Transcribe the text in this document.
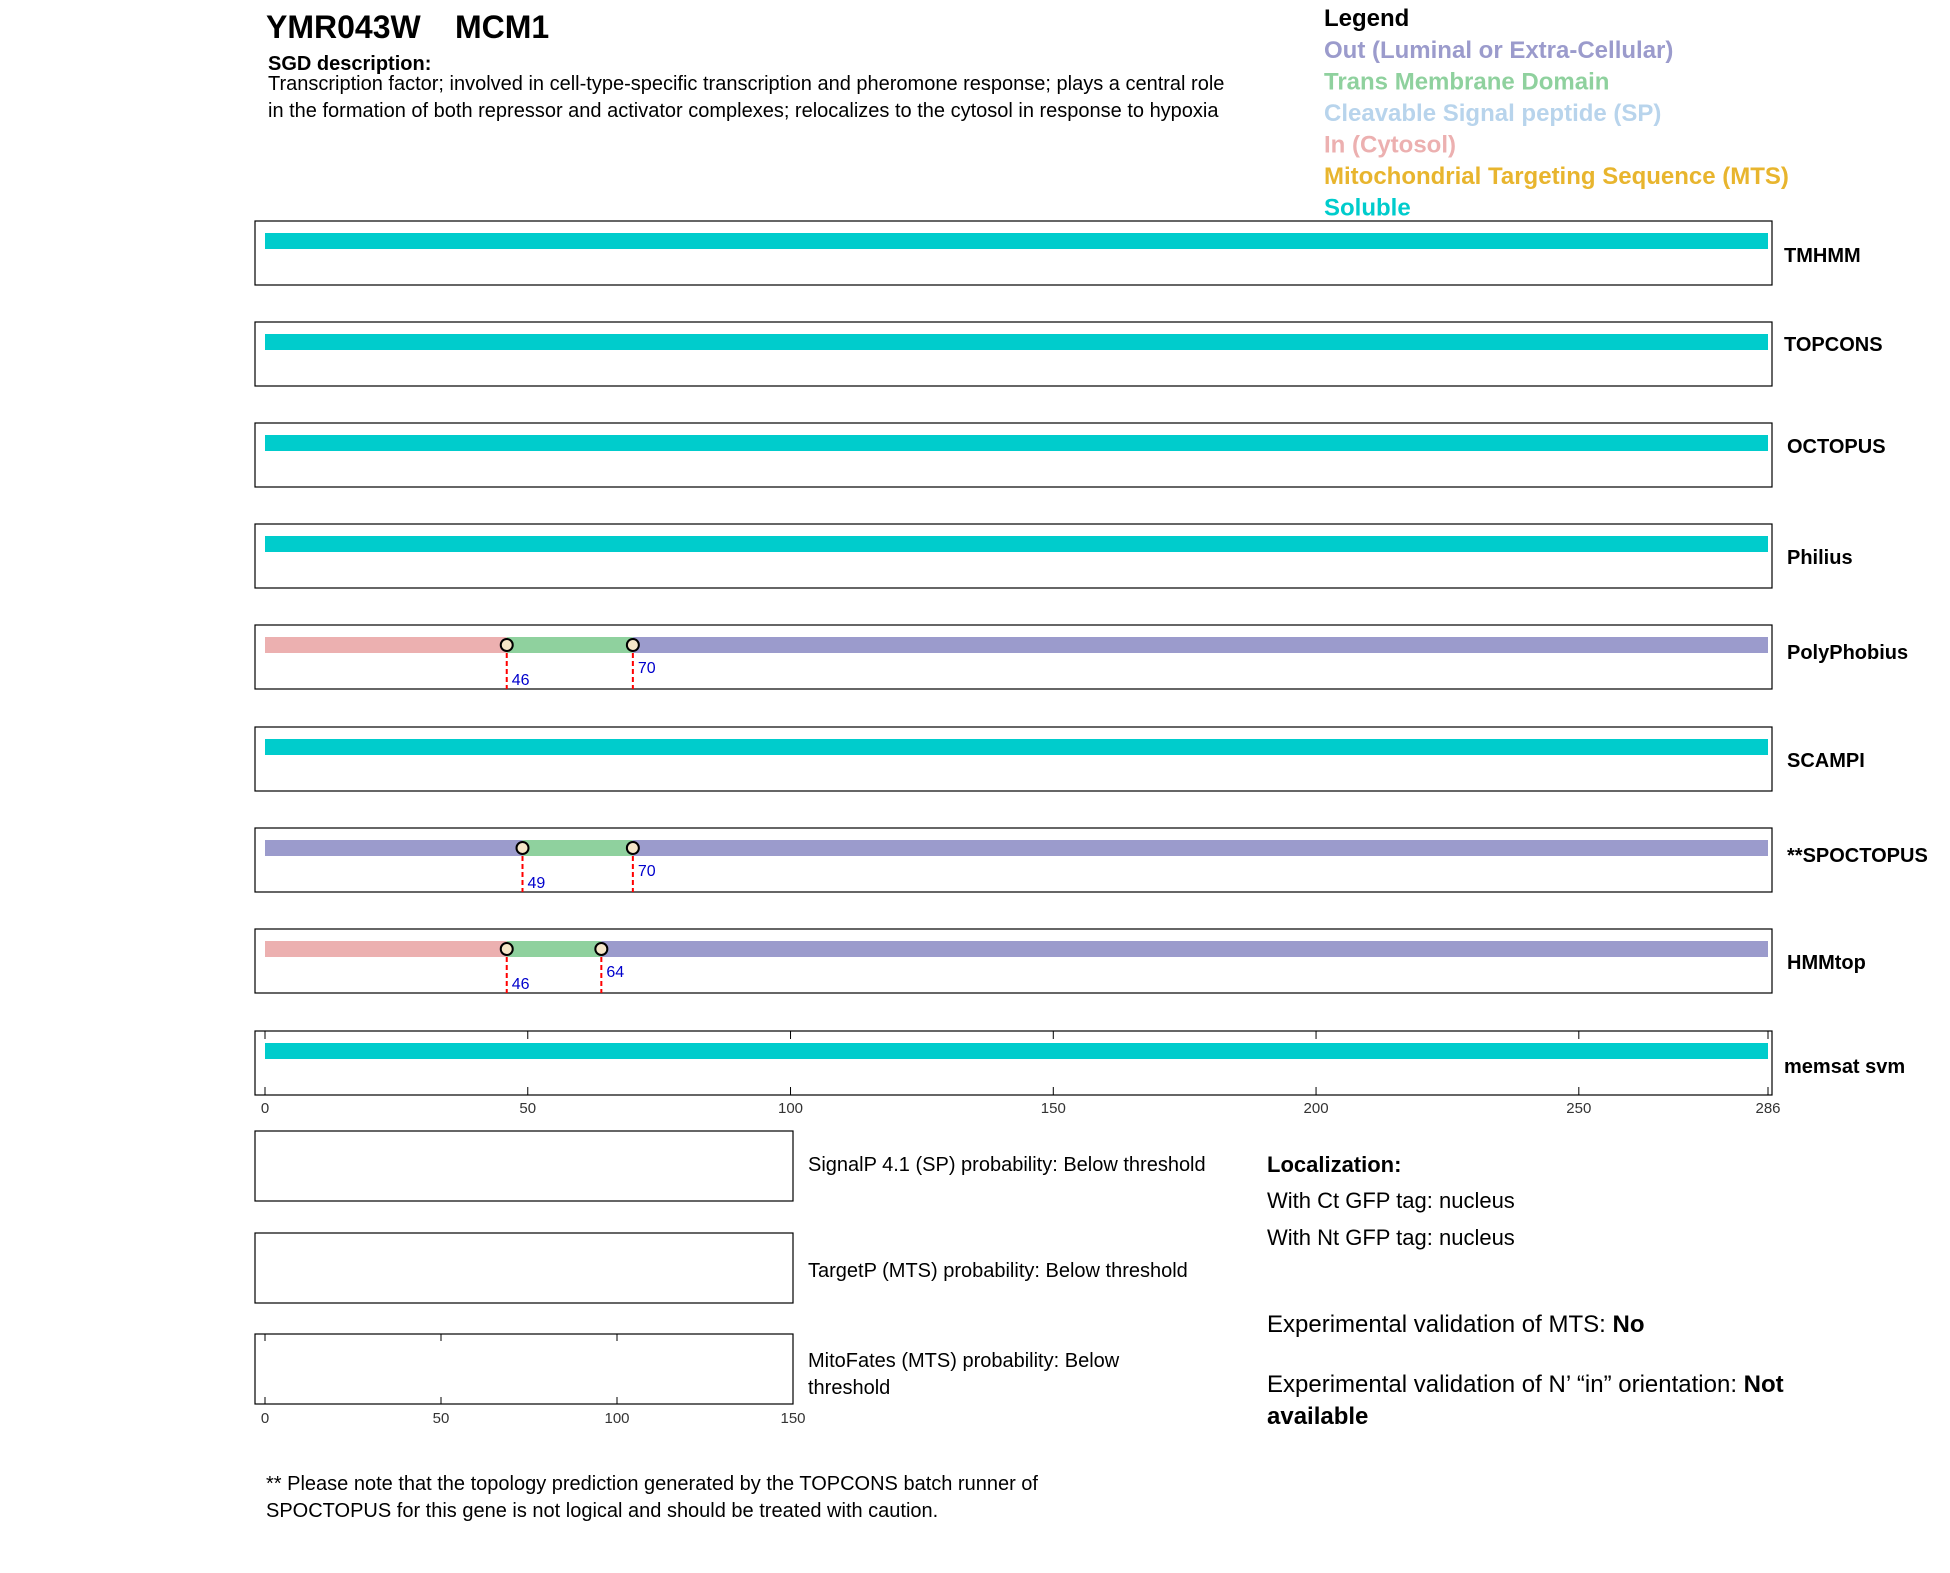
YMR043W MCM1
SGD description:
Transcription factor; involved in cell-type-specific transcription and pheromone response; plays a central role
in the formation of both repressor and activator complexes; relocalizes to the cytosol in response to hypoxia
Legend
Out (Luminal or Extra-Cellular)
Trans Membrane Domain
Cleavable Signal peptide (SP)
In (Cytosol)
Mitochondrial Targeting Sequence (MTS)
Soluble
TMHMM
TOPCONS
OCTOPUS
Philius
46
70
PolyPhobius
SCAMPI
49
70
**SPOCTOPUS
46
64	HMMtop
memsat svm
0	50	100	150	200	250	286
SignalP 4.1 (SP) probability: Below threshold
TargetP (MTS) probability: Below threshold
MitoFates (MTS) probability: Below
threshold
0	50	100	150
Localization:
With Ct GFP tag: nucleus
With Nt GFP tag: nucleus
Experimental validation of MTS: No
Experimental validation of N’ “in” orientation: Not
available
** Please note that the topology prediction generated by the TOPCONS batch runner of
SPOCTOPUS for this gene is not logical and should be treated with caution.
